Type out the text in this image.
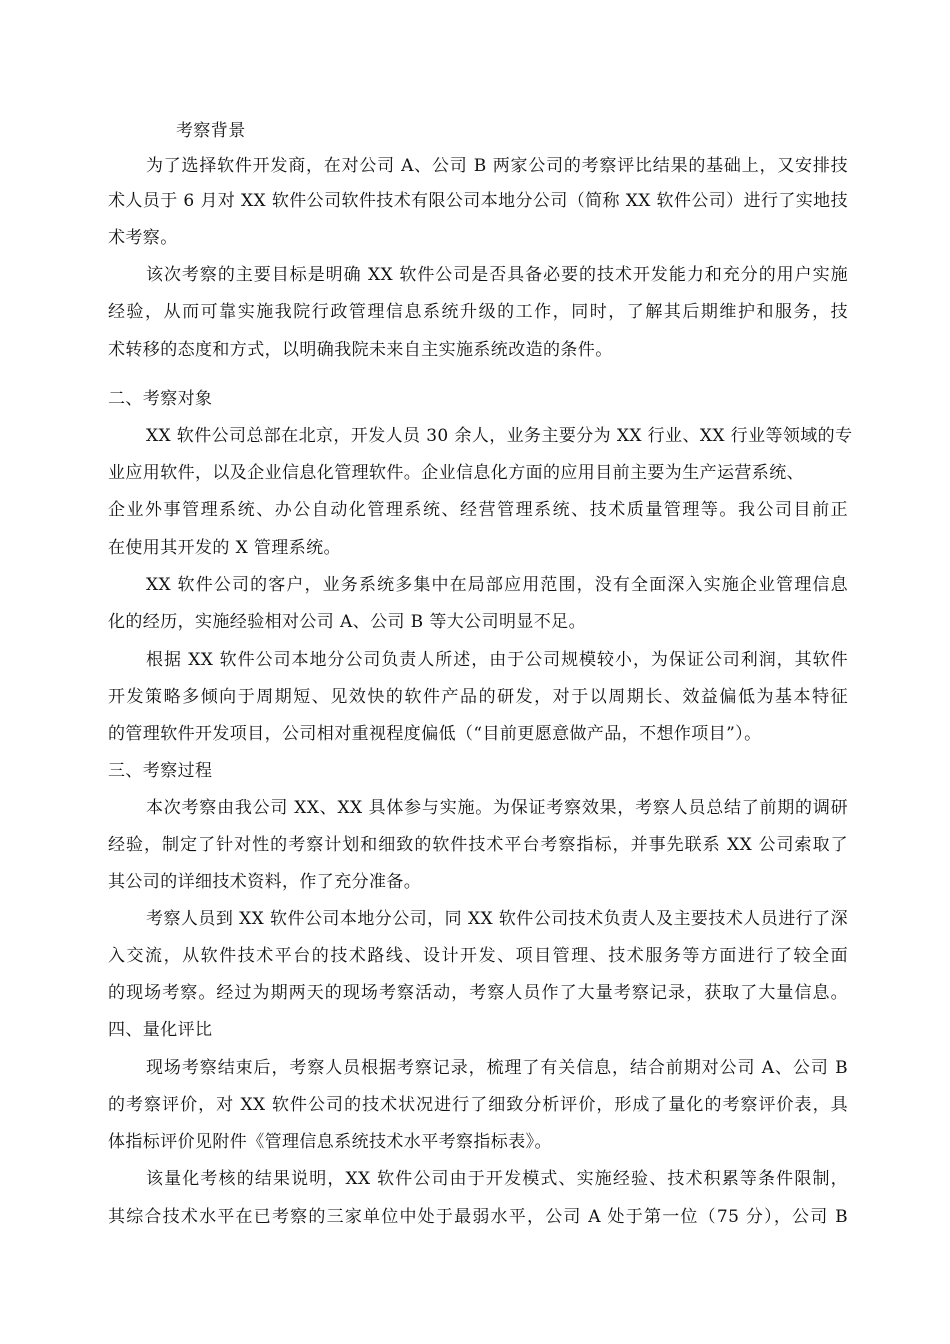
考察背景
为了选择软件开发商，在对公司 A、公司 B 两家公司的考察评比结果的基础上，又安排技
术人员于 6 月对 XX 软件公司软件技术有限公司本地分公司（简称 XX 软件公司）进行了实地技
术考察。
该次考察的主要目标是明确 XX 软件公司是否具备必要的技术开发能力和充分的用户实施
经验，从而可靠实施我院行政管理信息系统升级的工作，同时，了解其后期维护和服务，技
术转移的态度和方式，以明确我院未来自主实施系统改造的条件。
二、考察对象
XX 软件公司总部在北京，开发人员 30 余人，业务主要分为 XX 行业、XX 行业等领域的专
业应用软件，以及企业信息化管理软件。企业信息化方面的应用目前主要为生产运营系统、
企业外事管理系统、办公自动化管理系统、经营管理系统、技术质量管理等。我公司目前正
在使用其开发的 X 管理系统。
XX 软件公司的客户，业务系统多集中在局部应用范围，没有全面深入实施企业管理信息
化的经历，实施经验相对公司 A、公司 B 等大公司明显不足。
根据 XX 软件公司本地分公司负责人所述，由于公司规模较小，为保证公司利润，其软件
开发策略多倾向于周期短、见效快的软件产品的研发，对于以周期长、效益偏低为基本特征
的管理软件开发项目，公司相对重视程度偏低（“目前更愿意做产品，不想作项目”）。
三、考察过程
本次考察由我公司 XX、XX 具体参与实施。为保证考察效果，考察人员总结了前期的调研
经验，制定了针对性的考察计划和细致的软件技术平台考察指标，并事先联系 XX 公司索取了
其公司的详细技术资料，作了充分准备。
考察人员到 XX 软件公司本地分公司，同 XX 软件公司技术负责人及主要技术人员进行了深
入交流，从软件技术平台的技术路线、设计开发、项目管理、技术服务等方面进行了较全面
的现场考察。经过为期两天的现场考察活动，考察人员作了大量考察记录，获取了大量信息。
四、量化评比
现场考察结束后，考察人员根据考察记录，梳理了有关信息，结合前期对公司 A、公司 B
的考察评价，对 XX 软件公司的技术状况进行了细致分析评价，形成了量化的考察评价表，具
体指标评价见附件《管理信息系统技术水平考察指标表》。
该量化考核的结果说明，XX 软件公司由于开发模式、实施经验、技术积累等条件限制，
其综合技术水平在已考察的三家单位中处于最弱水平，公司 A 处于第一位（75 分），公司 B
